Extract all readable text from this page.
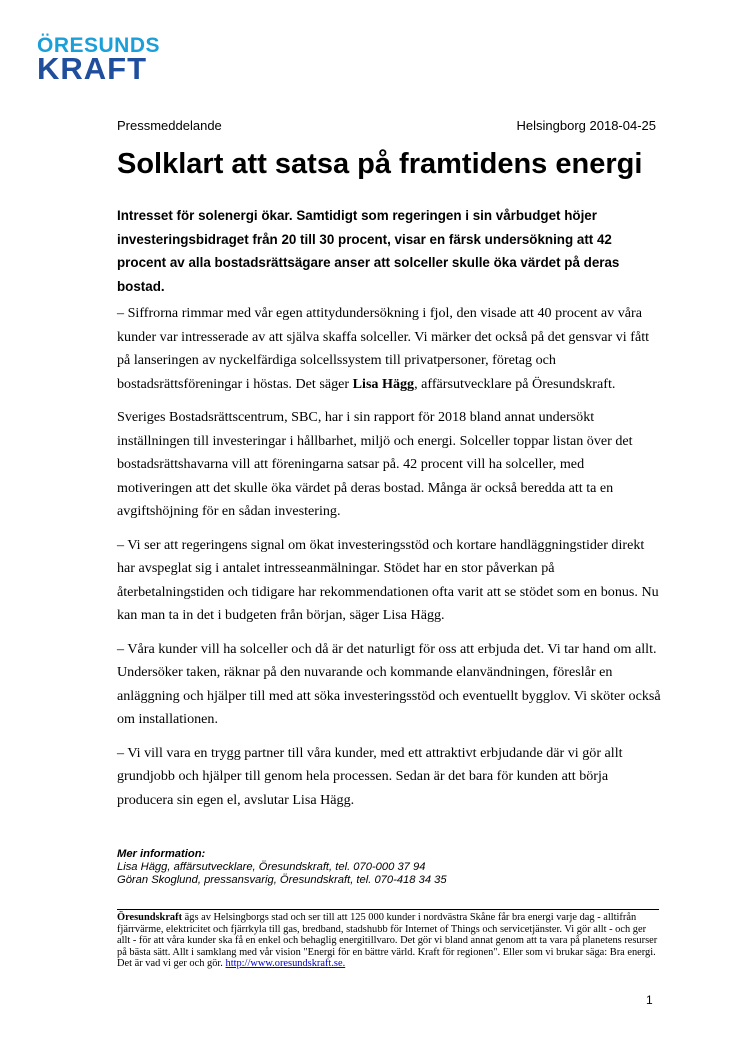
ÖRESUNDS
KRAFT
Pressmeddelande	Helsingborg 2018-04-25
Solklart att satsa på framtidens energi
Intresset för solenergi ökar. Samtidigt som regeringen i sin vårbudget höjer investeringsbidraget från 20 till 30 procent, visar en färsk undersökning att 42 procent av alla bostadsrättsägare anser att solceller skulle öka värdet på deras bostad.

– Siffrorna rimmar med vår egen attitydundersökning i fjol, den visade att 40 procent av våra kunder var intresserade av att själva skaffa solceller. Vi märker det också på det gensvar vi fått på lanseringen av nyckelfärdiga solcellssystem till privatpersoner, företag och bostadsrättsföreningar i höstas. Det säger Lisa Hägg, affärsutvecklare på Öresundskraft.

Sveriges Bostadsrättscentrum, SBC, har i sin rapport för 2018 bland annat undersökt inställningen till investeringar i hållbarhet, miljö och energi. Solceller toppar listan över det bostadsrättshavarna vill att föreningarna satsar på. 42 procent vill ha solceller, med motiveringen att det skulle öka värdet på deras bostad. Många är också beredda att ta en avgiftshöjning för en sådan investering.

– Vi ser att regeringens signal om ökat investeringsstöd och kortare handläggningstider direkt har avspeglat sig i antalet intresseanmälningar. Stödet har en stor påverkan på återbetalningstiden och tidigare har rekommendationen ofta varit att se stödet som en bonus. Nu kan man ta in det i budgeten från början, säger Lisa Hägg.

– Våra kunder vill ha solceller och då är det naturligt för oss att erbjuda det. Vi tar hand om allt. Undersöker taken, räknar på den nuvarande och kommande elanvändningen, föreslår en anläggning och hjälper till med att söka investeringsstöd och eventuellt bygglov. Vi sköter också om installationen.

– Vi vill vara en trygg partner till våra kunder, med ett attraktivt erbjudande där vi gör allt grundjobb och hjälper till genom hela processen. Sedan är det bara för kunden att börja producera sin egen el, avslutar Lisa Hägg.

Mer information:
Lisa Hägg, affärsutvecklare, Öresundskraft, tel. 070-000 37 94
Göran Skoglund, pressansvarig, Öresundskraft, tel. 070-418 34 35
Öresundskraft ägs av Helsingborgs stad och ser till att 125 000 kunder i nordvästra Skåne får bra energi varje dag - alltifrån fjärrvärme, elektricitet och fjärrkyla till gas, bredband, stadshubb för Internet of Things och servicetjänster. Vi gör allt - och ger allt - för att våra kunder ska få en enkel och behaglig energitillvaro. Det gör vi bland annat genom att ta vara på planetens resurser på bästa sätt. Allt i samklang med vår vision "Energi för en bättre värld. Kraft för regionen". Eller som vi brukar säga: Bra energi. Det är vad vi ger och gör. http://www.oresundskraft.se.
1
